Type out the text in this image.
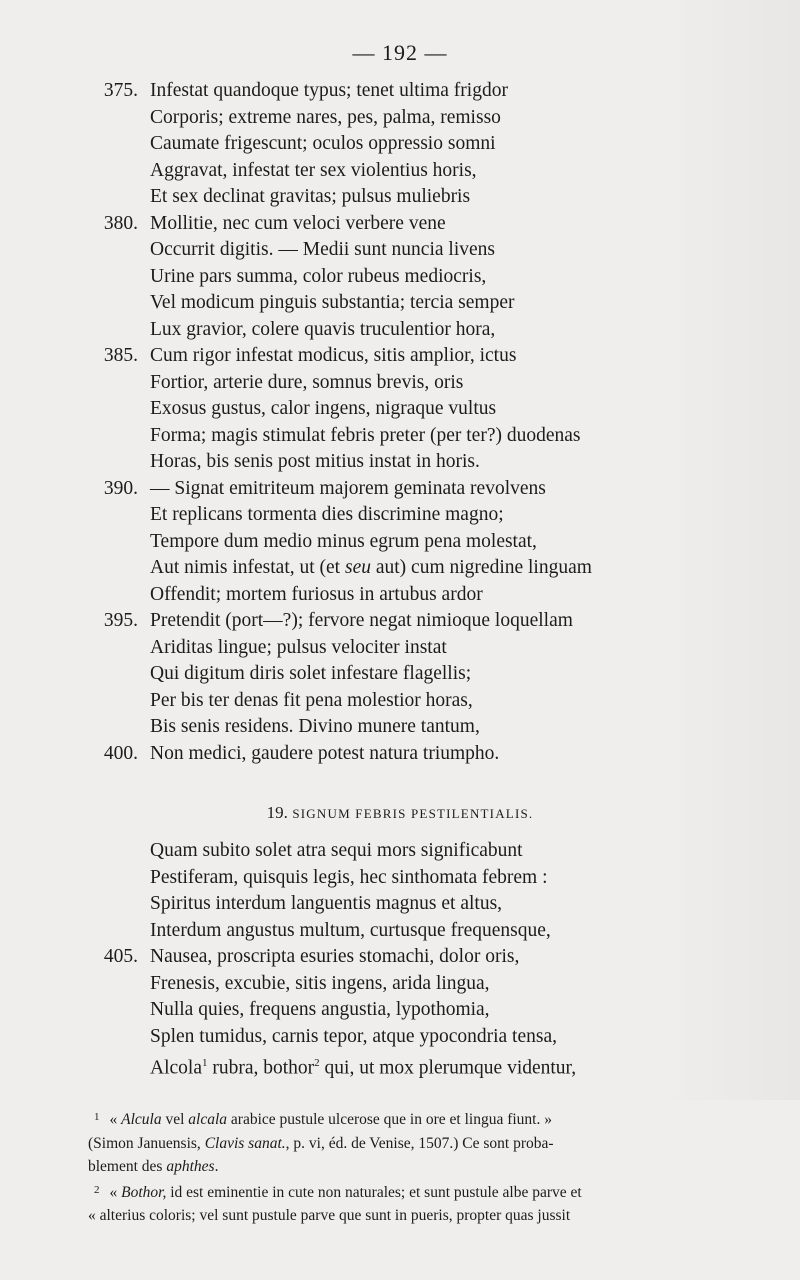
— 192 —
375. Infestat quandoque typus; tenet ultima frigdor
Corporis; extreme nares, pes, palma, remisso
Caumate frigescunt; oculos oppressio somni
Aggravat, infestat ter sex violentius horis,
Et sex declinat gravitas; pulsus muliebris
380. Mollitie, nec cum veloci verbere vene
Occurrit digitis. — Medii sunt nuncia livens
Urine pars summa, color rubeus mediocris,
Vel modicum pinguis substantia; tercia semper
Lux gravior, colere quavis truculentior hora,
385. Cum rigor infestat modicus, sitis amplior, ictus
Fortior, arterie dure, somnus brevis, oris
Exosus gustus, calor ingens, nigraque vultus
Forma; magis stimulat febris preter (per ter?) duodenas
Horas, bis senis post mitius instat in horis.
390. — Signat emitriteum majorem geminata revolvens
Et replicans tormenta dies discrimine magno;
Tempore dum medio minus egrum pena molestat,
Aut nimis infestat, ut (et seu aut) cum nigredine linguam
Offendit; mortem furiosus in artubus ardor
395. Pretendit (port—?); fervore negat nimioque loquellam
Ariditas lingue; pulsus velociter instat
Qui digitum diris solet infestare flagellis;
Per bis ter denas fit pena molestior horas,
Bis senis residens. Divino munere tantum,
400. Non medici, gaudere potest natura triumpho.
19. SIGNUM FEBRIS PESTILENTIALIS.
Quam subito solet atra sequi mors significabunt
Pestiferam, quisquis legis, hec sinthomata febrem :
Spiritus interdum languentis magnus et altus,
Interdum angustus multum, curtusque frequensque,
405. Nausea, proscripta esuries stomachi, dolor oris,
Frenesis, excubie, sitis ingens, arida lingua,
Nulla quies, frequens angustia, lypothomia,
Splen tumidus, carnis tepor, atque ypocondria tensa,
Alcola$^1$ rubra, bothor$^2$ qui, ut mox plerumque videntur,
$^1$ « Alcula vel alcala arabice pustule ulcerose que in ore et lingua fiunt. »
(Simon Januensis, Clavis sanat., p. vi, éd. de Venise, 1507.) Ce sont proba-
blement des aphthes.
$^2$ « Bothor, id est eminentie in cute non naturales; et sunt pustule albe parve et
« alterius coloris; vel sunt pustule parve que sunt in pueris, propter quas jussit
